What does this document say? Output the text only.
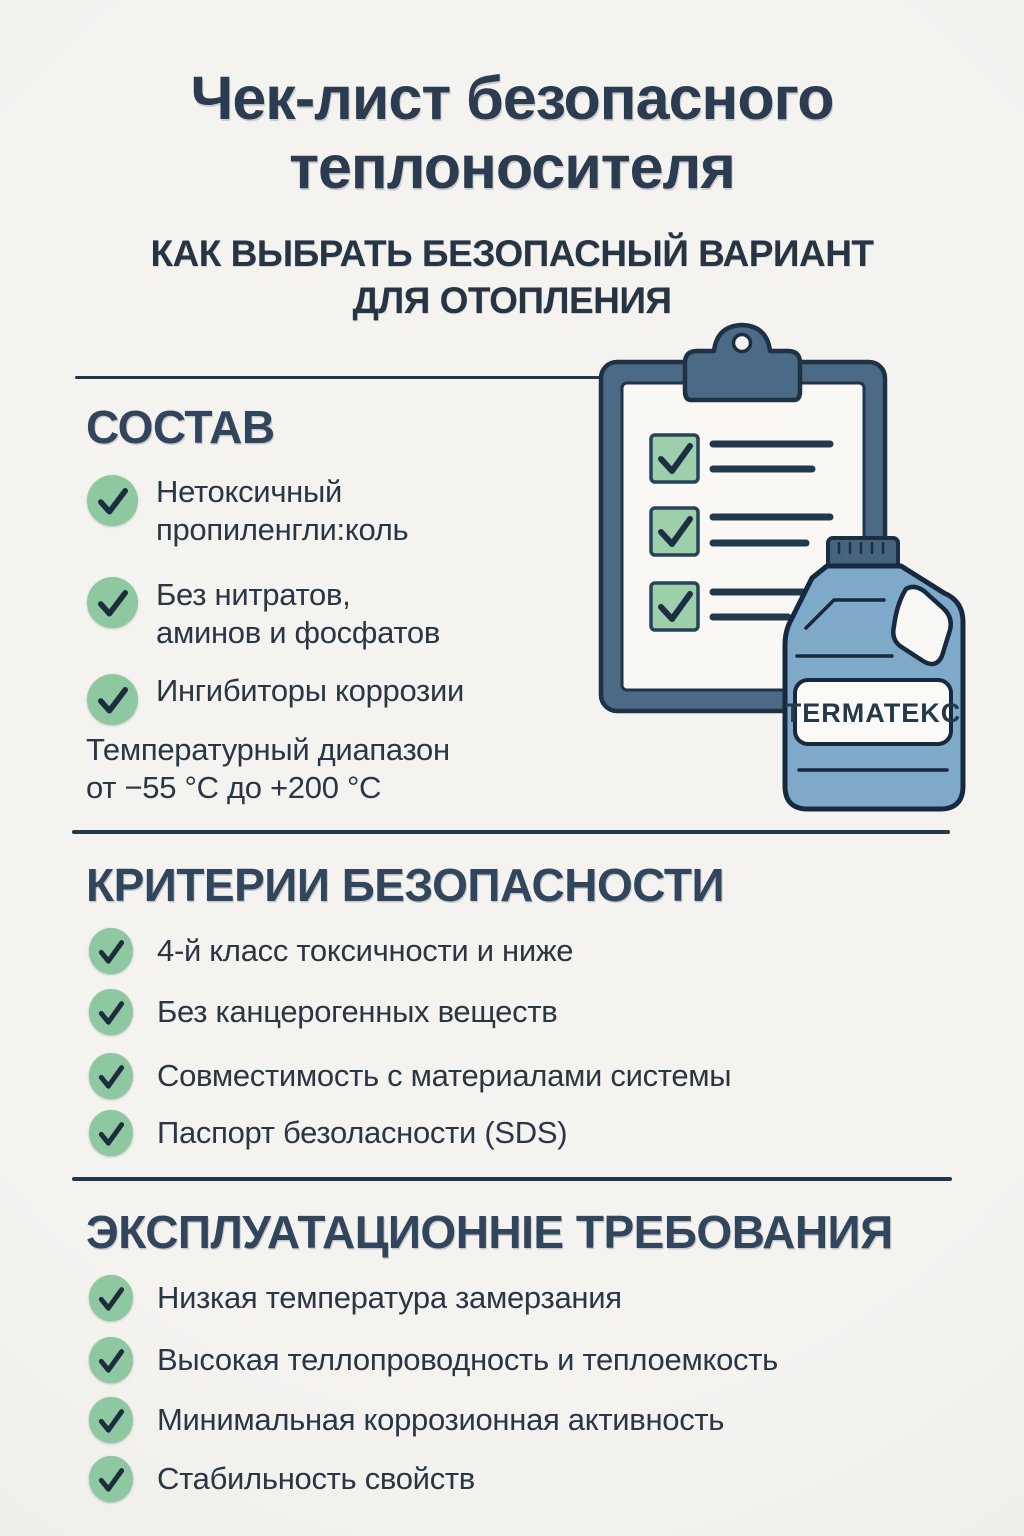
Чек-лист безопасного
теплоносителя
КАК ВЫБРАТЬ БЕЗОПАСНЫЙ ВАРИАНТ
ДЛЯ ОТОПЛЕНИЯ
СОСТАВ
Нетоксичный
пропиленгли:коль
Без нитратов,
аминов и фосфатов
Ингибиторы коррозии
Температурный диапазон
от −55 °C до +200 °C
КРИТЕРИИ БЕЗОПАСНОСТИ
4-й класс токсичности и ниже
Без канцерогенных веществ
Совместимость с материалами системы
Паспорт безоласности (SDS)
ЭКСПЛУАТАЦИОННІЕ ТРЕБОВАНИЯ
Низкая температура замерзания
Высокая теллопроводность и теплоемкость
Минимальная коррозионная активность
Стабильность свойств
TERMATEKC
